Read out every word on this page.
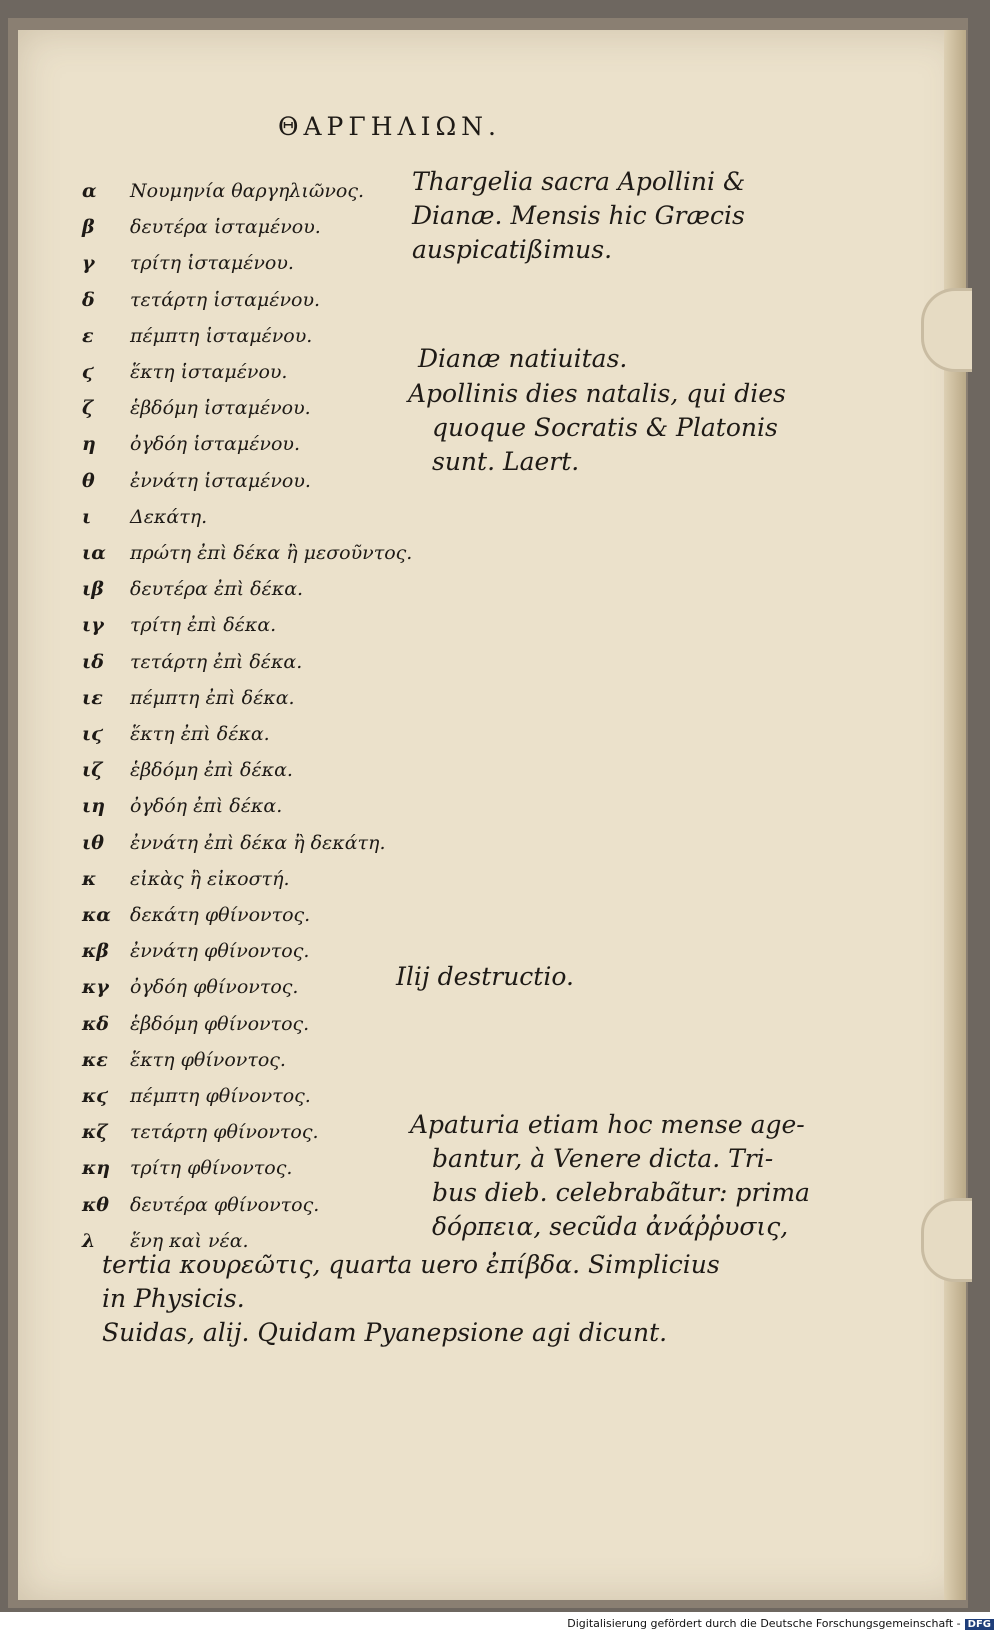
ΘΑΡΓΗΛΙΩΝ.
α Νουμηνία θαργηλιῶνος.
β δευτέρα ἱσταμένου.
γ τρίτη ἱσταμένου.
δ τετάρτη ἱσταμένου.
ε πέμπτη ἱσταμένου.
ϛ ἕκτη ἱσταμένου.
ζ ἑβδόμη ἱσταμένου.
η ὀγδόη ἱσταμένου.
θ ἐννάτη ἱσταμένου.
ι Δεκάτη.
ια πρώτη ἐπὶ δέκα ἢ μεσοῦντος.
ιβ δευτέρα ἐπὶ δέκα.
ιγ τρίτη ἐπὶ δέκα.
ιδ τετάρτη ἐπὶ δέκα.
ιε πέμπτη ἐπὶ δέκα.
ιϛ ἕκτη ἐπὶ δέκα.
ιζ ἑβδόμη ἐπὶ δέκα.
ιη ὀγδόη ἐπὶ δέκα.
ιθ ἐννάτη ἐπὶ δέκα ἢ δεκάτη.
κ εἰκὰς ἢ εἰκοστή.
κα δεκάτη φθίνοντος.
κβ ἐννάτη φθίνοντος.
κγ ὀγδόη φθίνοντος.
κδ ἑβδόμη φθίνοντος.
κε ἕκτη φθίνοντος.
κϛ πέμπτη φθίνοντος.
κζ τετάρτη φθίνοντος.
κη τρίτη φθίνοντος.
κθ δευτέρα φθίνοντος.
λ ἕνη καὶ νέα.
Thargelia sacra Apollini &
Dianæ. Mensis hic Græcis
auspicatißimus.
Dianæ natiuitas.
Apollinis dies natalis, qui dies
quoque Socratis & Platonis
sunt. Laert.
Ilij destructio.
Apaturia etiam hoc mense age-
bantur, à Venere dicta. Tri-
bus dieb. celebrabãtur: prima
δόρπεια, secũda ἀνάῤῥυσις,
tertia κουρεῶτις, quarta uero ἐπίβδα. Simplicius in Physicis.
Suidas, alij. Quidam Pyanepsione agi dicunt.
Digitalisierung gefördert durch die Deutsche Forschungsgemeinschaft - DFG
